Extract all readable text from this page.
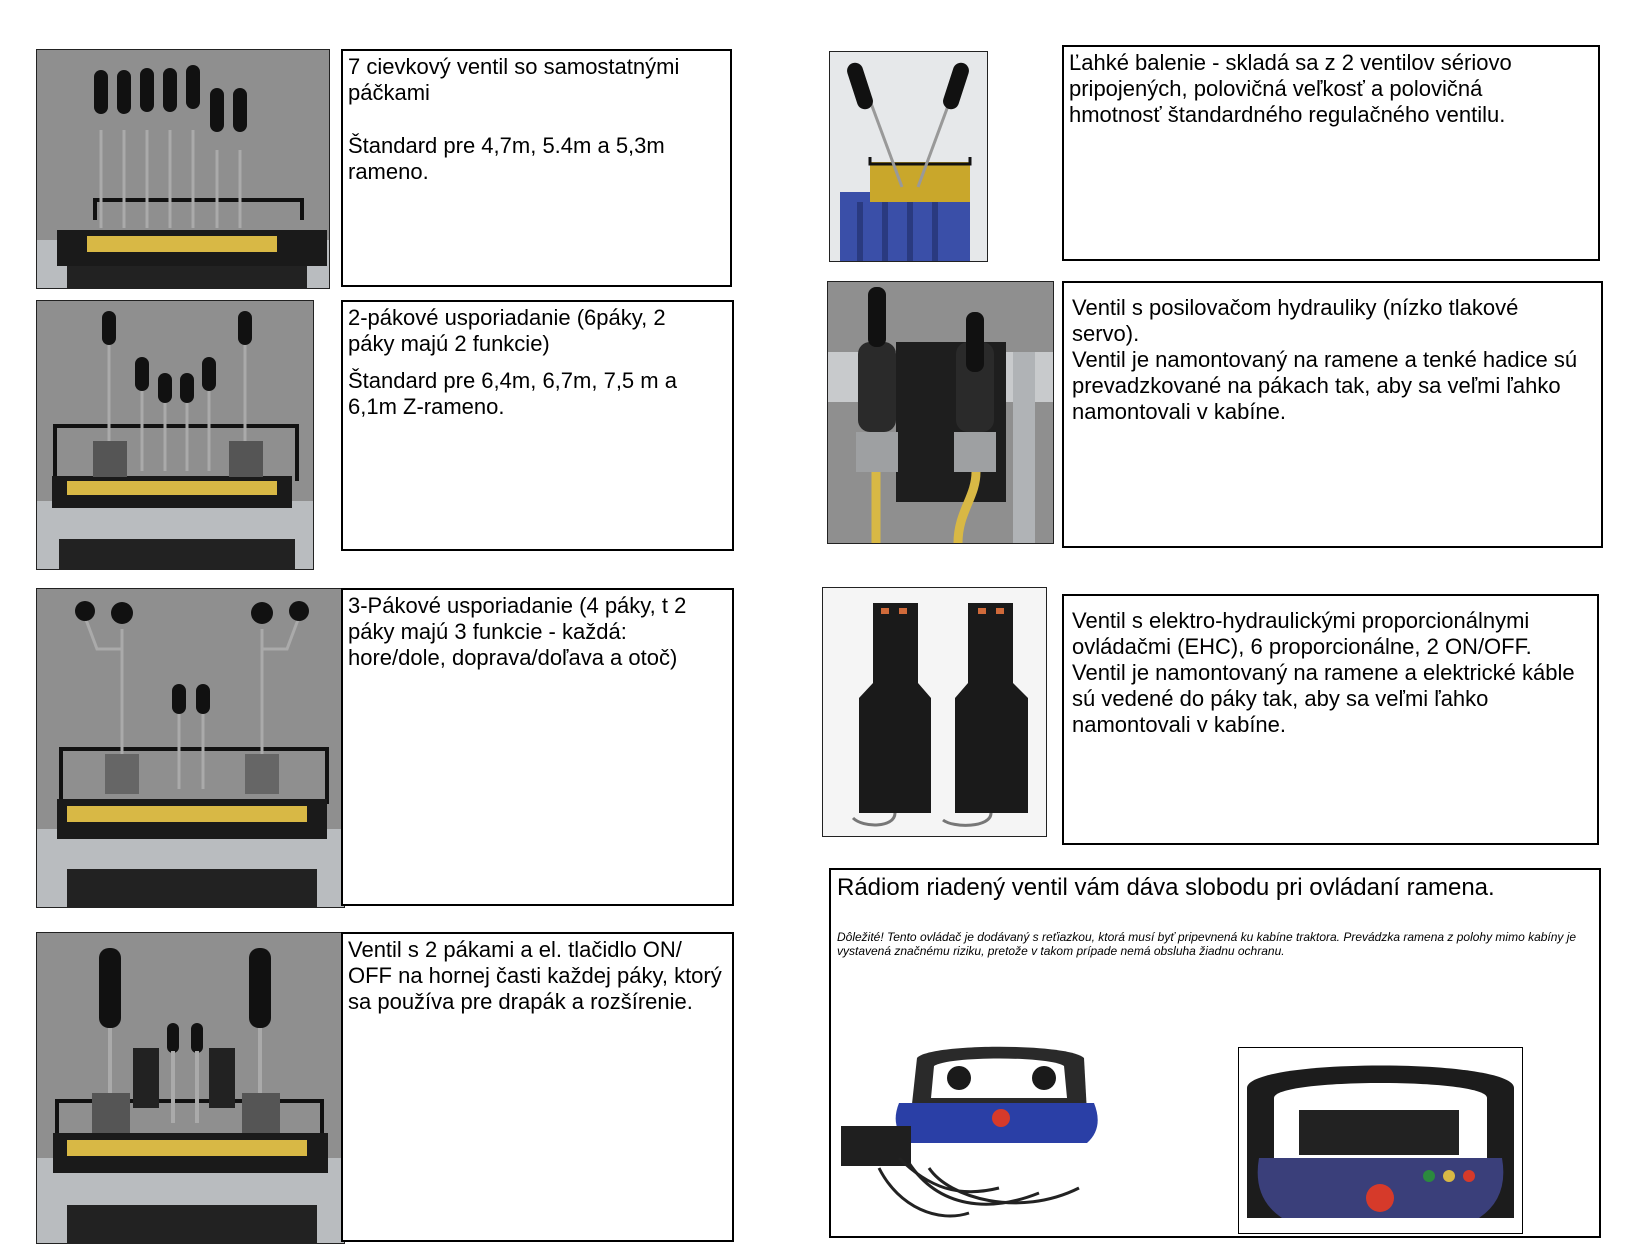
7 cievkový ventil so samostatnými páčkami
Štandard pre 4,7m, 5.4m a 5,3m rameno.
2-pákové usporiadanie (6páky, 2 páky majú 2 funkcie)
Štandard pre 6,4m, 6,7m, 7,5 m a 6,1m Z-rameno.
3-Pákové usporiadanie (4 páky, t 2 páky majú 3 funkcie - každá: hore/dole, doprava/doľava a otoč)
Ventil s 2 pákami a el. tlačidlo ON/ OFF na hornej časti každej páky, ktorý sa používa pre drapák a rozšírenie.
Ľahké balenie - skladá sa z 2 ventilov sériovo pripojených, polovičná veľkosť a polovičná hmotnosť štandardného regulačného ventilu.
Ventil s posilovačom hydrauliky (nízko tlakové servo).
Ventil je namontovaný na ramene a tenké hadice sú prevadzkované na pákach tak, aby sa veľmi ľahko namontovali v kabíne.
Ventil s elektro-hydraulickými proporcionálnymi ovládačmi (EHC), 6 proporcionálne, 2 ON/OFF.
Ventil je namontovaný na ramene a elektrické káble sú vedené do páky tak, aby sa veľmi ľahko namontovali v kabíne.
Rádiom riadený ventil vám dáva slobodu pri ovládaní ramena.
Dôležité! Tento ovládač je dodávaný s reťiazkou, ktorá musí byť pripevnená ku kabíne traktora. Prevádzka ramena z polohy mimo kabíny je vystavená značnému riziku, pretože v takom prípade nemá obsluha žiadnu ochranu.
